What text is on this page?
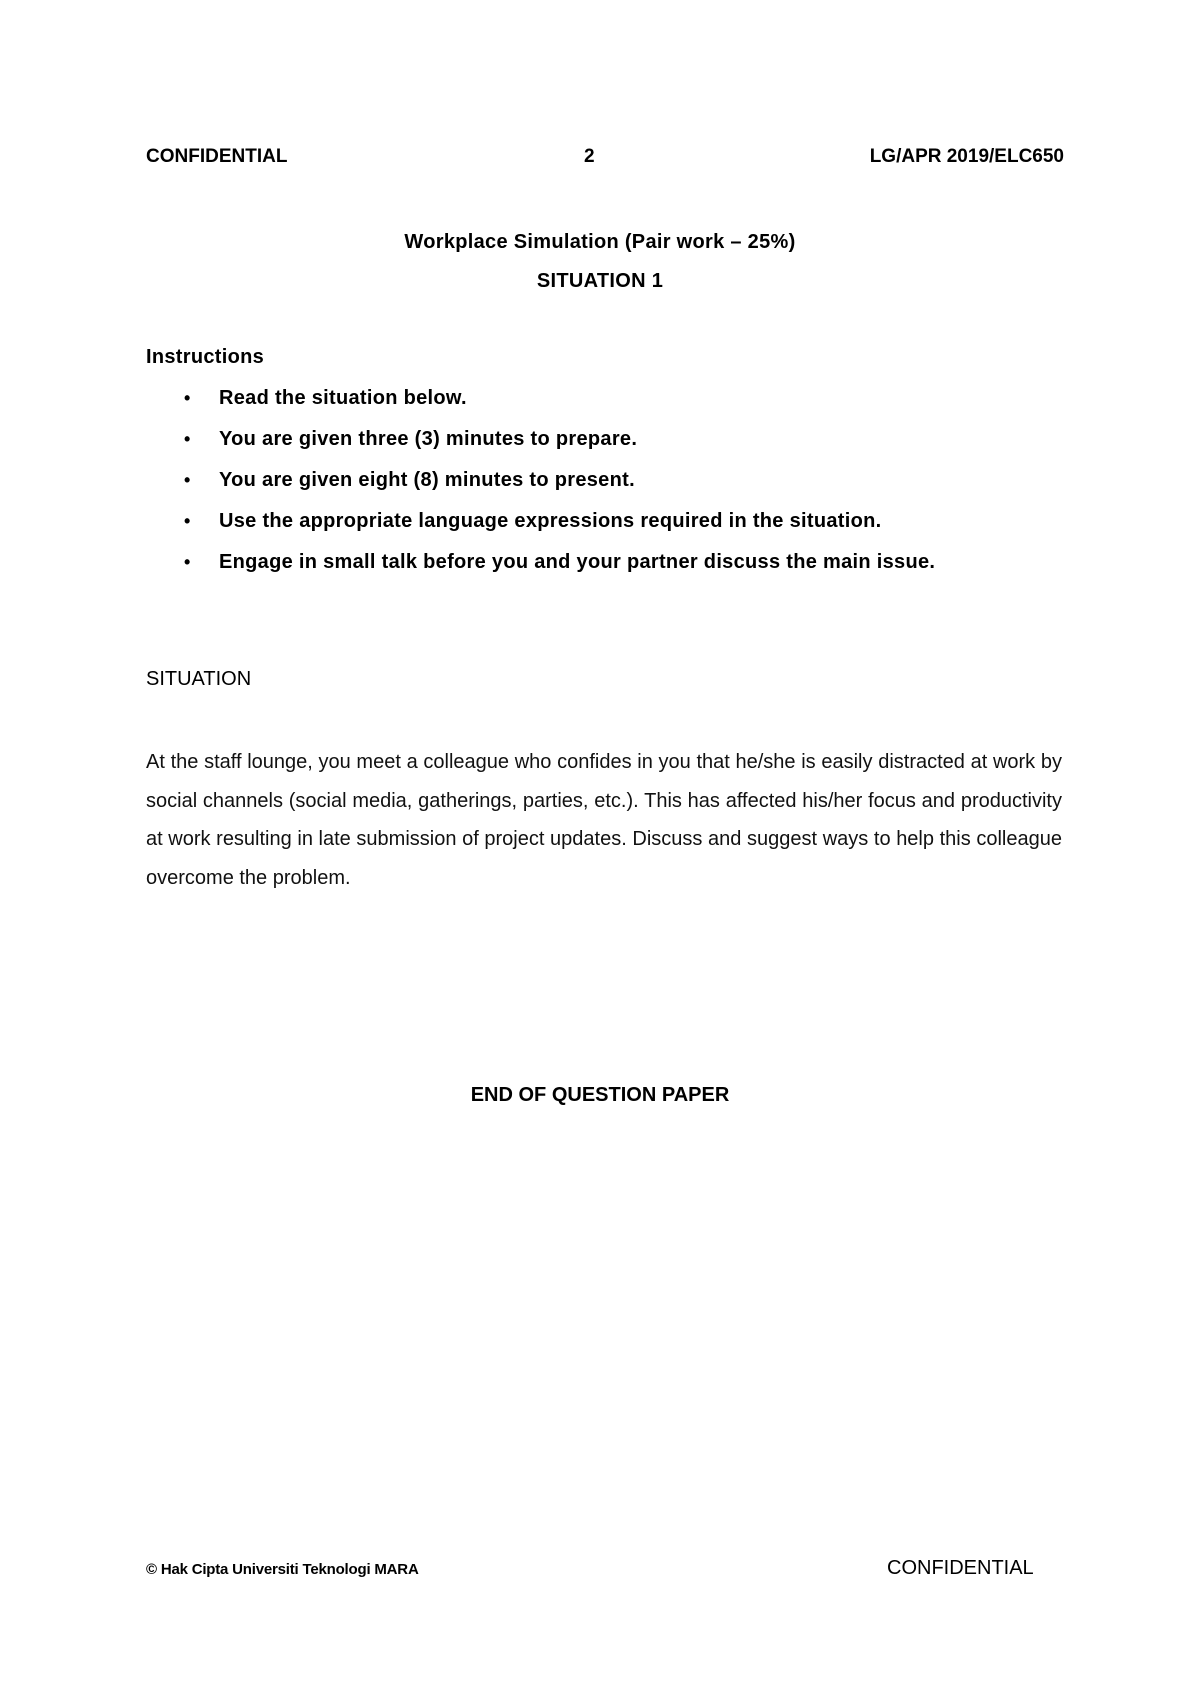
CONFIDENTIAL	2	LG/APR 2019/ELC650
Workplace Simulation (Pair work – 25%)
SITUATION 1
Instructions
• Read the situation below.
• You are given three (3) minutes to prepare.
• You are given eight (8) minutes to present.
• Use the appropriate language expressions required in the situation.
• Engage in small talk before you and your partner discuss the main issue.
SITUATION

At the staff lounge, you meet a colleague who confides in you that he/she is easily distracted at work by social channels (social media, gatherings, parties, etc.). This has affected his/her focus and productivity at work resulting in late submission of project updates. Discuss and suggest ways to help this colleague overcome the problem.

END OF QUESTION PAPER
© Hak Cipta Universiti Teknologi MARA	CONFIDENTIAL
